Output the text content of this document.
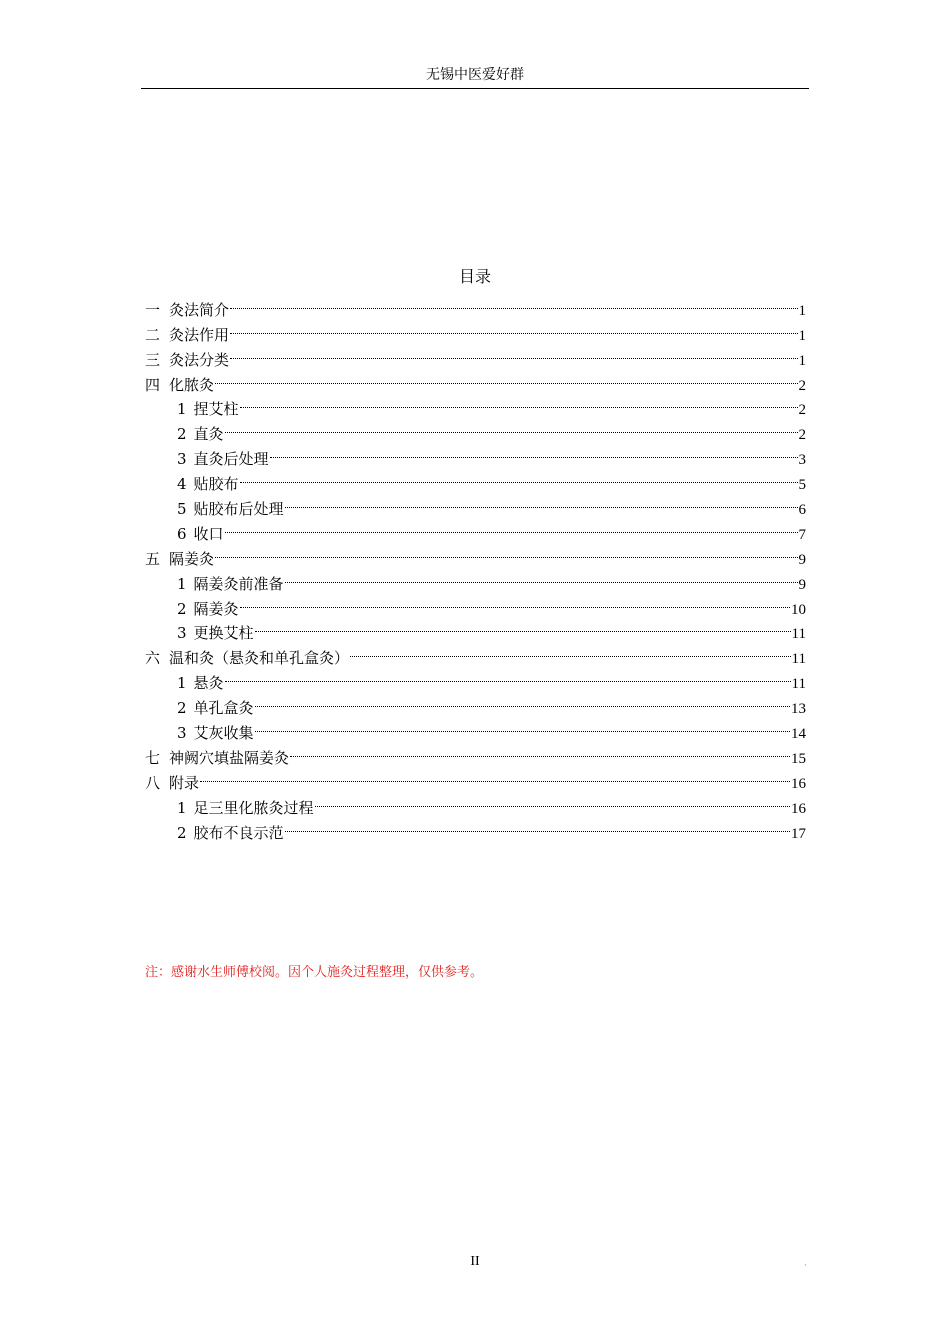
无锡中医爱好群
目录
一 灸法简介	1
二 灸法作用	1
三 灸法分类	1
四 化脓灸	2
1 捏艾柱	2
2 直灸	2
3 直灸后处理	3
4 贴胶布	5
5 贴胶布后处理	6
6 收口	7
五 隔姜灸	9
1 隔姜灸前准备	9
2 隔姜灸	10
3 更换艾柱	11
六 温和灸（悬灸和单孔盒灸）	11
1 悬灸	11
2 单孔盒灸	13
3 艾灰收集	14
七 神阙穴填盐隔姜灸	15
八 附录	16
1 足三里化脓灸过程	16
2 胶布不良示范	17
注：感谢水生师傅校阅。因个人施灸过程整理，仅供参考。
II	·
